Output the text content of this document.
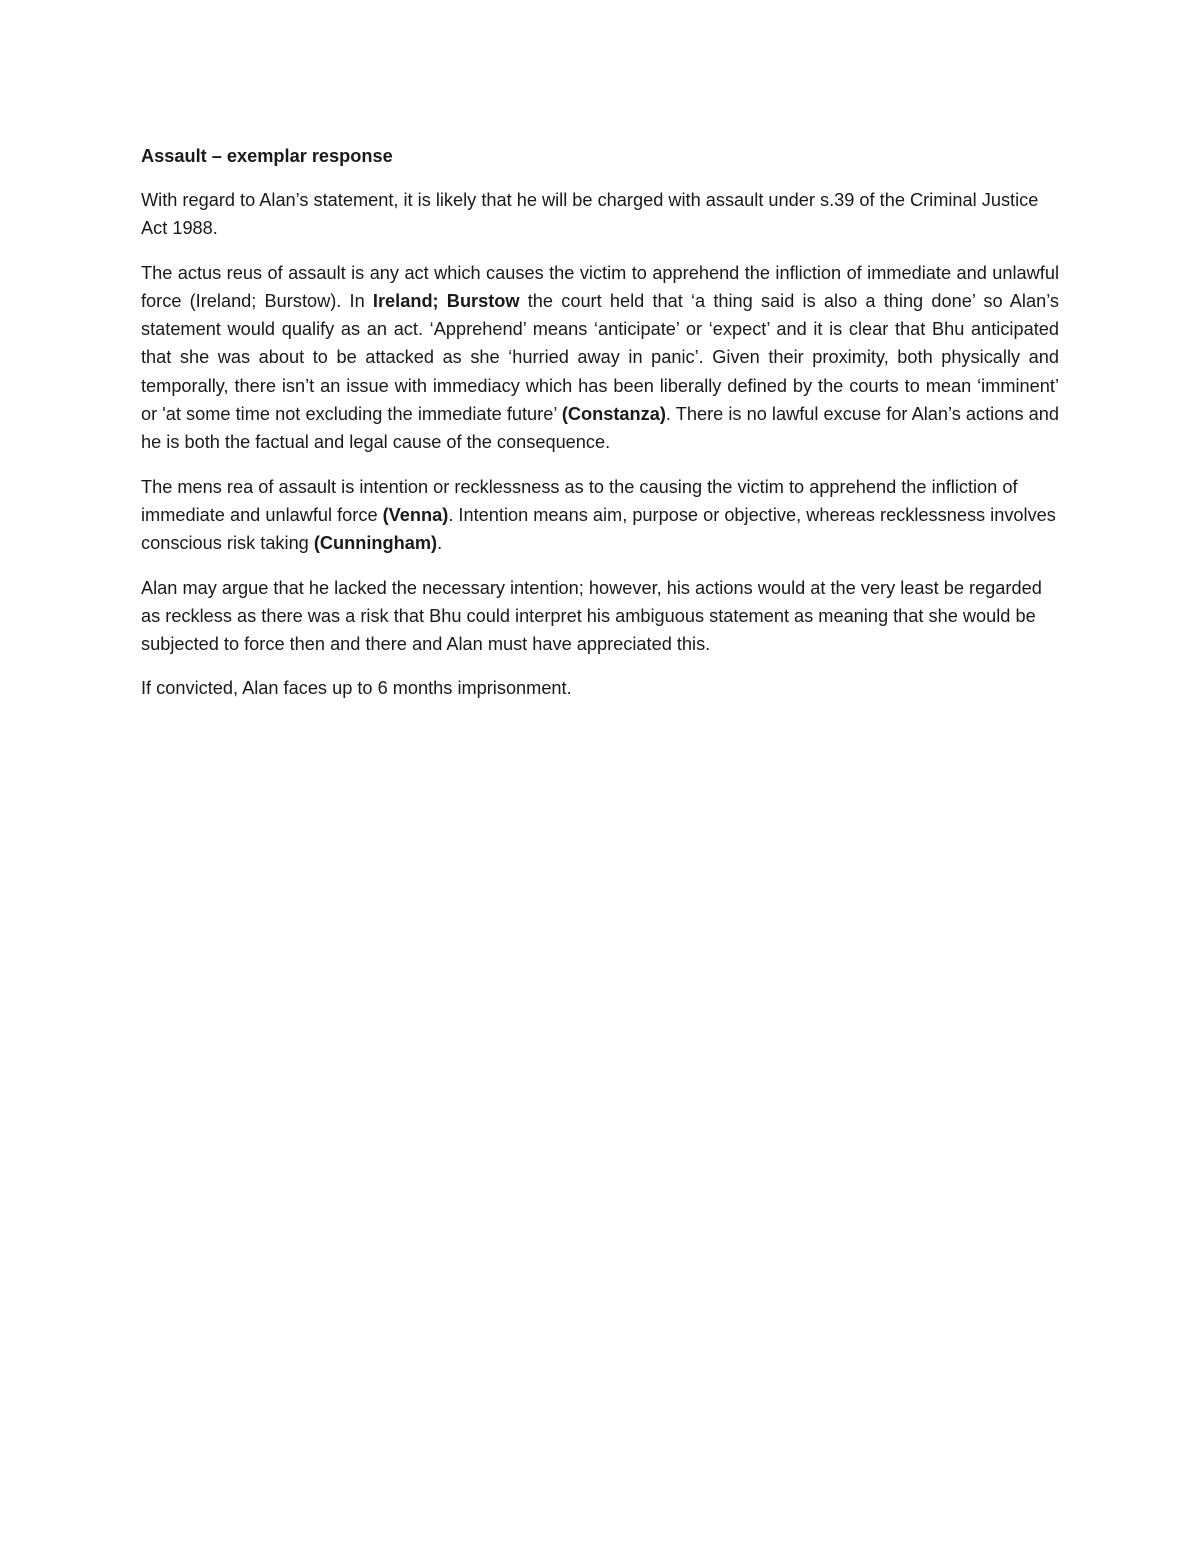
Assault – exemplar response

With regard to Alan’s statement, it is likely that he will be charged with assault under s.39 of the Criminal Justice Act 1988.

The actus reus of assault is any act which causes the victim to apprehend the infliction of immediate and unlawful force (Ireland; Burstow). In Ireland; Burstow the court held that ‘a thing said is also a thing done’ so Alan’s statement would qualify as an act. ‘Apprehend’ means ‘anticipate’ or ‘expect’ and it is clear that Bhu anticipated that she was about to be attacked as she ‘hurried away in panic’. Given their proximity, both physically and temporally, there isn’t an issue with immediacy which has been liberally defined by the courts to mean ‘imminent’ or 'at some time not excluding the immediate future’ (Constanza). There is no lawful excuse for Alan’s actions and he is both the factual and legal cause of the consequence.

The mens rea of assault is intention or recklessness as to the causing the victim to apprehend the infliction of immediate and unlawful force (Venna). Intention means aim, purpose or objective, whereas recklessness involves conscious risk taking (Cunningham).

Alan may argue that he lacked the necessary intention; however, his actions would at the very least be regarded as reckless as there was a risk that Bhu could interpret his ambiguous statement as meaning that she would be subjected to force then and there and Alan must have appreciated this.

If convicted, Alan faces up to 6 months imprisonment.
